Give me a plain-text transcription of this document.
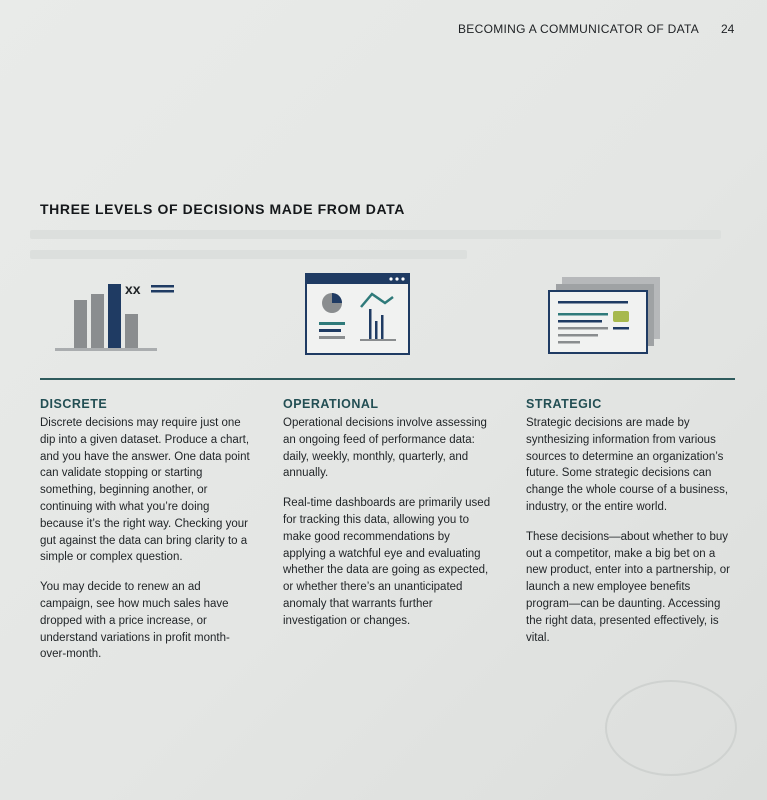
BECOMING A COMMUNICATOR OF DATA 24
THREE LEVELS OF DECISIONS MADE FROM DATA
xx
DISCRETE

Discrete decisions may require just one dip into a given dataset. Produce a chart, and you have the answer. One data point can validate stopping or starting something, beginning another, or continuing with what you’re doing because it’s the right way. Checking your gut against the data can bring clarity to a simple or complex question.

You may decide to renew an ad campaign, see how much sales have dropped with a price increase, or understand variations in profit month-over-month.

OPERATIONAL

Operational decisions involve assessing an ongoing feed of performance data: daily, weekly, monthly, quarterly, and annually.

Real-time dashboards are primarily used for tracking this data, allowing you to make good recommendations by applying a watchful eye and evaluating whether the data are going as expected, or whether there’s an unanticipated anomaly that warrants further investigation or changes.

STRATEGIC

Strategic decisions are made by synthesizing information from various sources to determine an organization’s future. Some strategic decisions can change the whole course of a business, industry, or the entire world.

These decisions—about whether to buy out a competitor, make a big bet on a new product, enter into a partnership, or launch a new employee benefits program—can be daunting. Accessing the right data, presented effectively, is vital.
